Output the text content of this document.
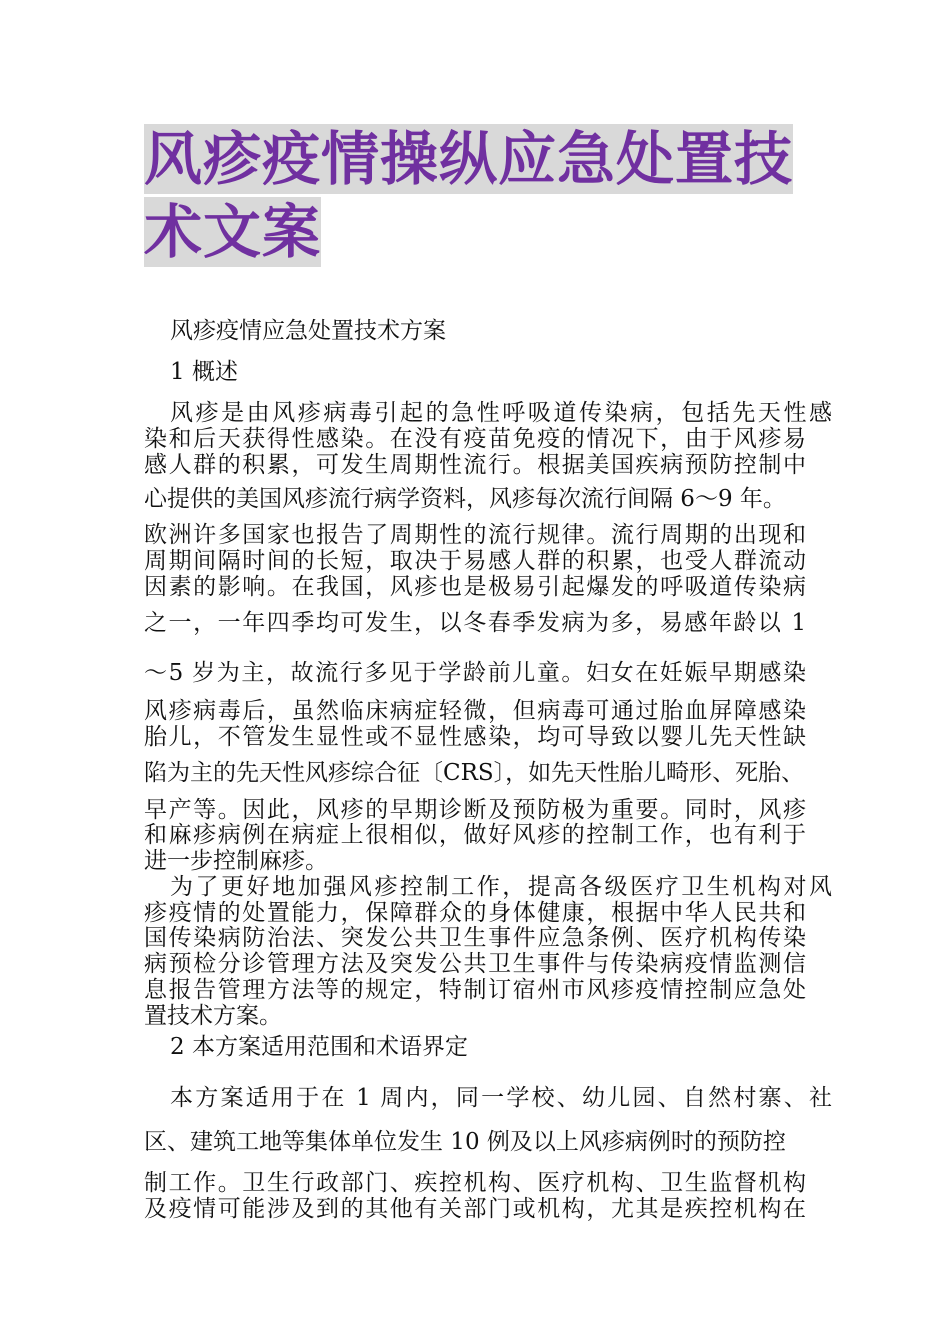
风疹疫情操纵应急处置技
术文案
风疹疫情应急处置技术方案
1 概述
风疹是由风疹病毒引起的急性呼吸道传染病，包括先天性感
染和后天获得性感染。在没有疫苗免疫的情况下，由于风疹易
感人群的积累，可发生周期性流行。根据美国疾病预防控制中
心提供的美国风疹流行病学资料，风疹每次流行间隔 6～9 年。
欧洲许多国家也报告了周期性的流行规律。流行周期的出现和
周期间隔时间的长短，取决于易感人群的积累，也受人群流动
因素的影响。在我国，风疹也是极易引起爆发的呼吸道传染病
之一，一年四季均可发生，以冬春季发病为多，易感年龄以 1
～5 岁为主，故流行多见于学龄前儿童。妇女在妊娠早期感染
风疹病毒后，虽然临床病症轻微，但病毒可通过胎血屏障感染
胎儿，不管发生显性或不显性感染，均可导致以婴儿先天性缺
陷为主的先天性风疹综合征〔CRS〕，如先天性胎儿畸形、死胎、
早产等。因此，风疹的早期诊断及预防极为重要。同时，风疹
和麻疹病例在病症上很相似，做好风疹的控制工作，也有利于
进一步控制麻疹。
为了更好地加强风疹控制工作，提高各级医疗卫生机构对风
疹疫情的处置能力，保障群众的身体健康，根据中华人民共和
国传染病防治法、突发公共卫生事件应急条例、医疗机构传染
病预检分诊管理方法及突发公共卫生事件与传染病疫情监测信
息报告管理方法等的规定，特制订宿州市风疹疫情控制应急处
置技术方案。
2 本方案适用范围和术语界定
本方案适用于在 1 周内，同一学校、幼儿园、自然村寨、社
区、建筑工地等集体单位发生 10 例及以上风疹病例时的预防控
制工作。卫生行政部门、疾控机构、医疗机构、卫生监督机构
及疫情可能涉及到的其他有关部门或机构，尤其是疾控机构在
